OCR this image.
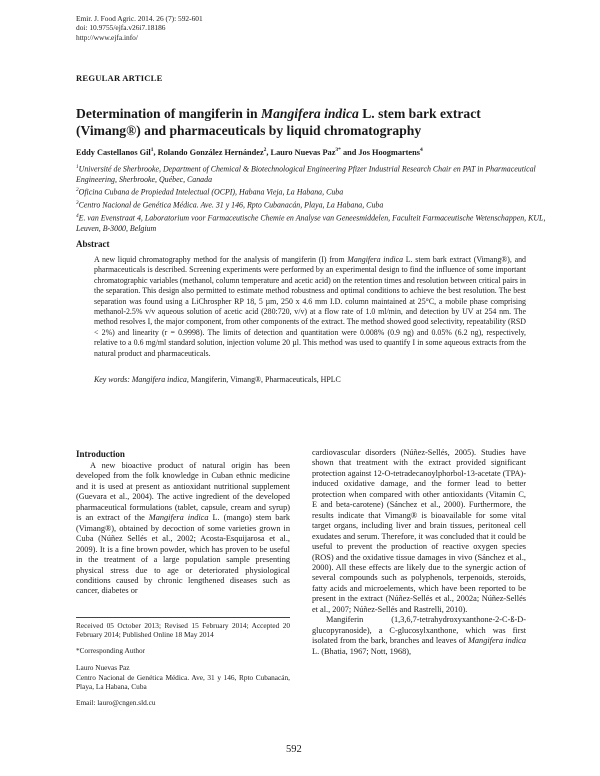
Emir. J. Food Agric. 2014. 26 (7): 592-601
doi: 10.9755/ejfa.v26i7.18186
http://www.ejfa.info/
REGULAR ARTICLE
Determination of mangiferin in Mangifera indica L. stem bark extract (Vimang®) and pharmaceuticals by liquid chromatography
Eddy Castellanos Gil$^1$, Rolando González Hernández$^2$, Lauro Nuevas Paz$^{3*}$ and Jos Hoogmartens$^4$
$^1$Université de Sherbrooke, Department of Chemical & Biotechnological Engineering Pfizer Industrial Research Chair en PAT in Pharmaceutical Engineering, Sherbrooke, Québec, Canada
$^2$Oficina Cubana de Propiedad Intelectual (OCPI), Habana Vieja, La Habana, Cuba
$^3$Centro Nacional de Genética Médica. Ave. 31 y 146, Rpto Cubanacán, Playa, La Habana, Cuba
$^4$E. van Evenstraat 4, Laboratorium voor Farmaceutische Chemie en Analyse van Geneesmiddelen, Faculteit Farmaceutische Wetenschappen, KUL, Leuven, B-3000, Belgium
Abstract
A new liquid chromatography method for the analysis of mangiferin (I) from Mangifera indica L. stem bark extract (Vimang®), and pharmaceuticals is described. Screening experiments were performed by an experimental design to find the influence of some important chromatographic variables (methanol, column temperature and acetic acid) on the retention times and resolution between critical pairs in the separation. This design also permitted to estimate method robustness and optimal conditions to achieve the best resolution. The best separation was found using a LiChrospher RP 18, 5 µm, 250 x 4.6 mm I.D. column maintained at 25°C, a mobile phase comprising methanol-2.5% v/v aqueous solution of acetic acid (280:720, v/v) at a flow rate of 1.0 ml/min, and detection by UV at 254 nm. The method resolves I, the major component, from other components of the extract. The method showed good selectivity, repeatability (RSD < 2%) and linearity (r = 0.9998). The limits of detection and quantitation were 0.008% (0.9 ng) and 0.05% (6.2 ng), respectively, relative to a 0.6 mg/ml standard solution, injection volume 20 µl. This method was used to quantify I in some aqueous extracts from the natural product and pharmaceuticals.
Key words: Mangifera indica, Mangiferin, Vimang®, Pharmaceuticals, HPLC
Introduction
A new bioactive product of natural origin has been developed from the folk knowledge in Cuban ethnic medicine and it is used at present as antioxidant nutritional supplement (Guevara et al., 2004). The active ingredient of the developed pharmaceutical formulations (tablet, capsule, cream and syrup) is an extract of the Mangifera indica L. (mango) stem bark (Vimang®), obtained by decoction of some varieties grown in Cuba (Núñez Sellés et al., 2002; Acosta-Esquijarosa et al., 2009). It is a fine brown powder, which has proven to be useful in the treatment of a large population sample presenting physical stress due to age or deteriorated physiological conditions caused by chronic lengthened diseases such as cancer, diabetes or
Received 05 October 2013; Revised 15 February 2014; Accepted 20 February 2014; Published Online 18 May 2014
*Corresponding Author
Lauro Nuevas Paz
Centro Nacional de Genética Médica. Ave, 31 y 146, Rpto Cubanacán, Playa, La Habana, Cuba
Email: lauro@cngen.sld.cu
cardiovascular disorders (Núñez-Sellés, 2005). Studies have shown that treatment with the extract provided significant protection against 12-O-tetradecanoylphorbol-13-acetate (TPA)-induced oxidative damage, and the former lead to better protection when compared with other antioxidants (Vitamin C, E and beta-carotene) (Sánchez et al., 2000). Furthermore, the results indicate that Vimang® is bioavailable for some vital target organs, including liver and brain tissues, peritoneal cell exudates and serum. Therefore, it was concluded that it could be useful to prevent the production of reactive oxygen species (ROS) and the oxidative tissue damages in vivo (Sánchez et al., 2000). All these effects are likely due to the synergic action of several compounds such as polyphenols, terpenoids, steroids, fatty acids and microelements, which have been reported to be present in the extract (Núñez-Sellés et al., 2002a; Núñez-Sellés et al., 2007; Núñez-Sellés and Rastrelli, 2010).
Mangiferin (1,3,6,7-tetrahydroxyxanthone-2-C-ß-D-glucopyranoside), a C-glucosylxanthone, which was first isolated from the bark, branches and leaves of Mangifera indica L. (Bhatia, 1967; Nott, 1968),
592
